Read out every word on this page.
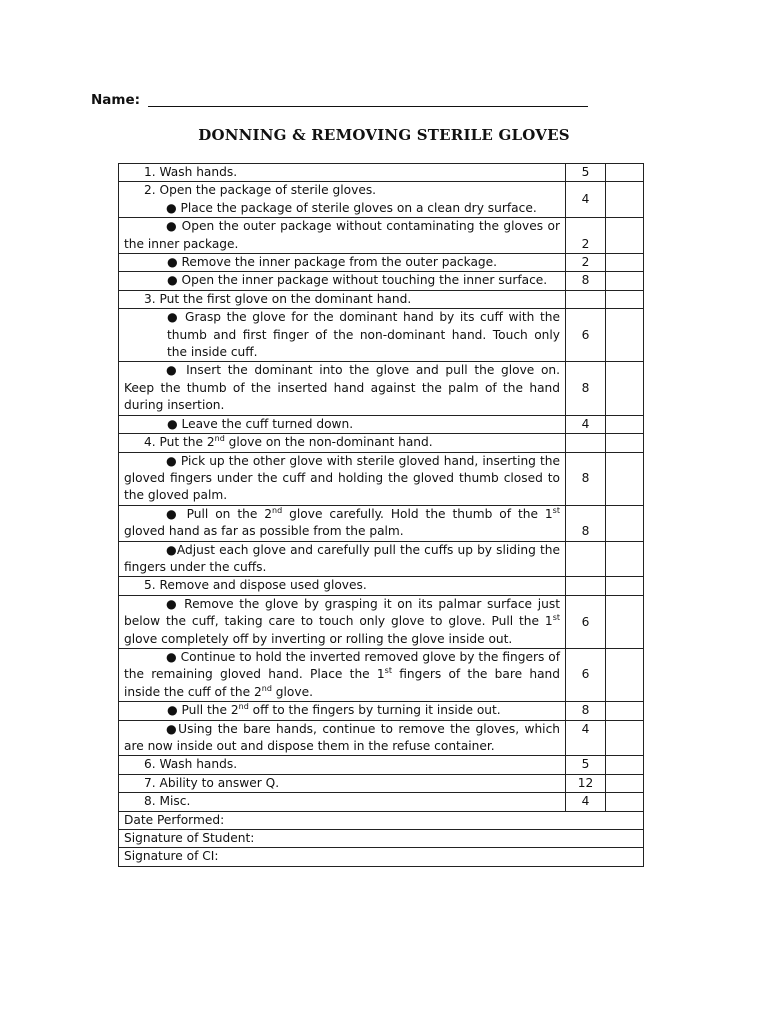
Name:
DONNING & REMOVING STERILE GLOVES
1. Wash hands.	5	
2. Open the package of sterile gloves.

● Place the package of sterile gloves on a clean dry surface.	4	

● Open the outer package without contaminating the gloves or the inner package.	2	
● Remove the inner package from the outer package.	2	
● Open the inner package without touching the inner surface.	8	
3. Put the first glove on the dominant hand.		
● Grasp the glove for the dominant hand by its cuff with the thumb and first finger of the non-dominant hand. Touch only the inside cuff.	6	

● Insert the dominant into the glove and pull the glove on. Keep the thumb of the inserted hand against the palm of the hand during insertion.	8	
● Leave the cuff turned down.	4	
4. Put the 2nd glove on the non-dominant hand.		

● Pick up the other glove with sterile gloved hand, inserting the gloved fingers under the cuff and holding the gloved thumb closed to the gloved palm.	8	

● Pull on the 2nd glove carefully. Hold the thumb of the 1st gloved hand as far as possible from the palm.	8	

●Adjust each glove and carefully pull the cuffs up by sliding the fingers under the cuffs.		

5. Remove and dispose used gloves.		

● Remove the glove by grasping it on its palmar surface just below the cuff, taking care to touch only glove to glove. Pull the 1st glove completely off by inverting or rolling the glove inside out.	6	

● Continue to hold the inverted removed glove by the fingers of the remaining gloved hand. Place the 1st fingers of the bare hand inside the cuff of the 2nd glove.	6	
● Pull the 2nd off to the fingers by turning it inside out.	8	

●Using the bare hands, continue to remove the gloves, which are now inside out and dispose them in the refuse container.	4	
6. Wash hands.	5	
7. Ability to answer Q.	12	
8. Misc.	4	
Date Performed:		
Signature of Student:		
Signature of CI:		
